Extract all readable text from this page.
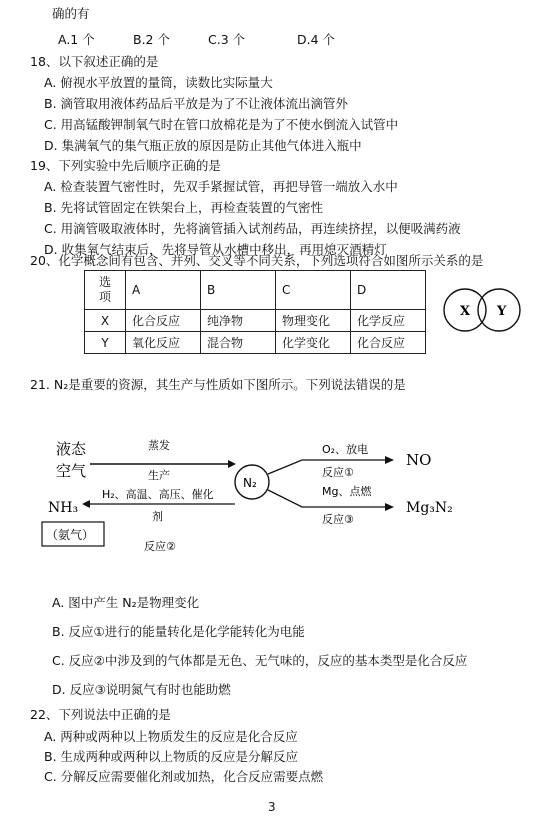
确的有
A.1 个	B.2 个	C.3 个	D.4 个
18、以下叙述正确的是
A. 俯视水平放置的量筒，读数比实际量大
B. 滴管取用液体药品后平放是为了不让液体流出滴管外
C. 用高锰酸钾制氧气时在管口放棉花是为了不使水倒流入试管中
D. 集满氧气的集气瓶正放的原因是防止其他气体进入瓶中
19、下列实验中先后顺序正确的是
A. 检查装置气密性时，先双手紧握试管，再把导管一端放入水中
B. 先将试管固定在铁架台上，再检查装置的气密性
C. 用滴管吸取液体时，先将滴管插入试剂药品，再连续挤捏，以便吸满药液
D. 收集氧气结束后，先将导管从水槽中移出，再用熄灭酒精灯
20、化学概念间有包含、并列、交叉等不同关系，下列选项符合如图所示关系的是
选项	A	B	C	D
X	化合反应	纯净物	物理变化	化学反应
Y	氧化反应	混合物	化学变化	化合反应
X Y
21. N₂是重要的资源，其生产与性质如下图所示。下列说法错误的是
液态
空气
蒸发
生产
N₂
O₂、放电
反应①
NO
Mg、点燃
反应③
Mg₃N₂
H₂、高温、高压、催化
剂
反应②
NH₃
（氨气）
A. 图中产生 N₂是物理变化
B. 反应①进行的能量转化是化学能转化为电能
C. 反应②中涉及到的气体都是无色、无气味的，反应的基本类型是化合反应
D. 反应③说明氮气有时也能助燃
22、下列说法中正确的是
A. 两种或两种以上物质发生的反应是化合反应
B. 生成两种或两种以上物质的反应是分解反应
C. 分解反应需要催化剂或加热，化合反应需要点燃
3
